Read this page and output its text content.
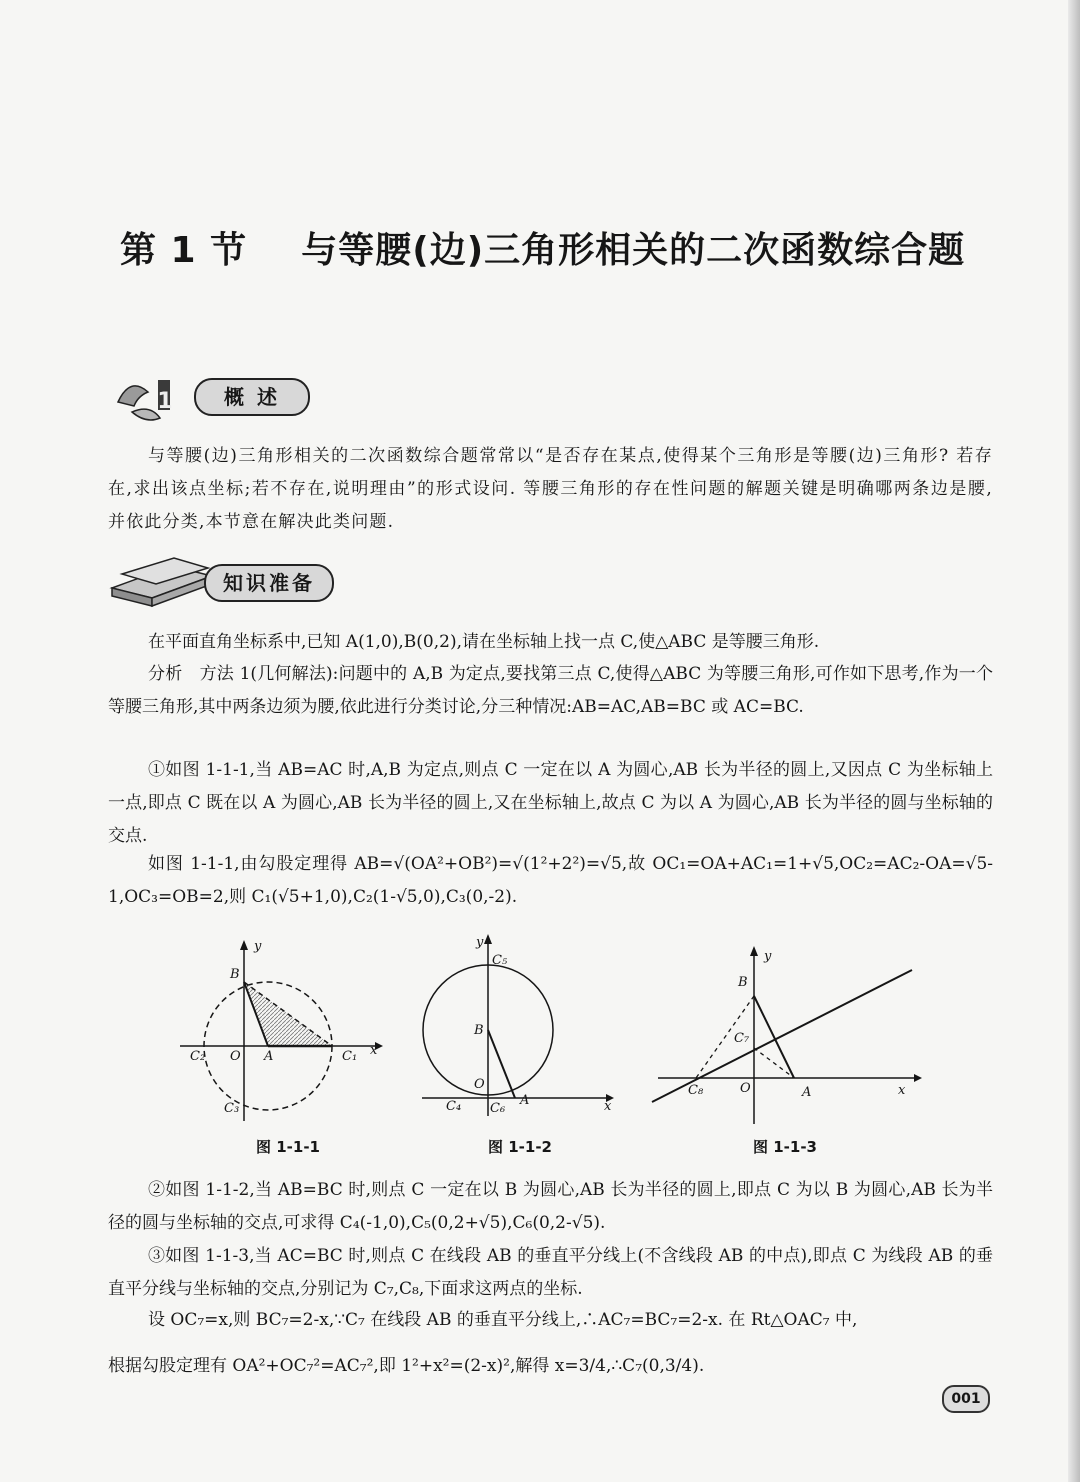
第 1 节    与等腰(边)三角形相关的二次函数综合题
1	概 述
与等腰(边)三角形相关的二次函数综合题常常以“是否存在某点,使得某个三角形是等腰(边)三角形? 若存在,求出该点坐标;若不存在,说明理由”的形式设问. 等腰三角形的存在性问题的解题关键是明确哪两条边是腰,并依此分类,本节意在解决此类问题.
知识准备
在平面直角坐标系中,已知 A(1,0),B(0,2),请在坐标轴上找一点 C,使△ABC 是等腰三角形.
分析　方法 1(几何解法):问题中的 A,B 为定点,要找第三点 C,使得△ABC 为等腰三角形,可作如下思考,作为一个等腰三角形,其中两条边须为腰,依此进行分类讨论,分三种情况:AB=AC,AB=BC 或 AC=BC.
①如图 1-1-1,当 AB=AC 时,A,B 为定点,则点 C 一定在以 A 为圆心,AB 长为半径的圆上,又因点 C 为坐标轴上一点,即点 C 既在以 A 为圆心,AB 长为半径的圆上,又在坐标轴上,故点 C 为以 A 为圆心,AB 长为半径的圆与坐标轴的交点.
如图 1-1-1,由勾股定理得 AB=√(OA²+OB²)=√(1²+2²)=√5,故 OC₁=OA+AC₁=1+√5,OC₂=AC₂-OA=√5-1,OC₃=OB=2,则 C₁(√5+1,0),C₂(1-√5,0),C₃(0,-2).
y
x
B
O A
C₂	C₁
C₃
图 1-1-1
y
x
C₅
B
O
C₄ C₆
A
图 1-1-2
y
x
B
C₇
C₈	O	A
图 1-1-3
②如图 1-1-2,当 AB=BC 时,则点 C 一定在以 B 为圆心,AB 长为半径的圆上,即点 C 为以 B 为圆心,AB 长为半径的圆与坐标轴的交点,可求得 C₄(-1,0),C₅(0,2+√5),C₆(0,2-√5).
③如图 1-1-3,当 AC=BC 时,则点 C 在线段 AB 的垂直平分线上(不含线段 AB 的中点),即点 C 为线段 AB 的垂直平分线与坐标轴的交点,分别记为 C₇,C₈,下面求这两点的坐标.
设 OC₇=x,则 BC₇=2-x,∵C₇ 在线段 AB 的垂直平分线上,∴AC₇=BC₇=2-x. 在 Rt△OAC₇ 中,
根据勾股定理有 OA²+OC₇²=AC₇²,即 1²+x²=(2-x)²,解得 x=3/4,∴C₇(0,3/4).
001
